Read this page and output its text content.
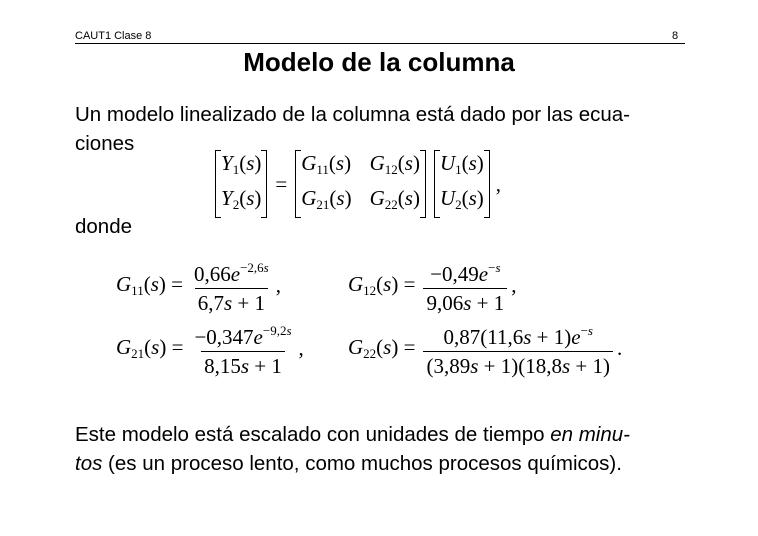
CAUT1 Clase 8	8
Modelo de la columna
Un modelo linealizado de la columna está dado por las ecua-
ciones
$Y_1(s)$
$Y_2(s)$
=
$G_{11}(s)$ $G_{12}(s)$
$G_{21}(s)$ $G_{22}(s)$
$U_1(s)$
$U_2(s)$
,
donde
$G_{11}(s) = \frac{0,66e^{-2,6s}}{6,7s + 1}$ ,	$G_{12}(s) = \frac{-0,49e^{-s}}{9,06s + 1}$ ,
$G_{21}(s) = \frac{-0,347e^{-9,2s}}{8,15s + 1}$ , $G_{22}(s) = \frac{0,87(11,6s + 1)e^{-s}}{(3,89s + 1)(18,8s + 1)}$ .
Este modelo está escalado con unidades de tiempo en minu-
tos (es un proceso lento, como muchos procesos químicos).
